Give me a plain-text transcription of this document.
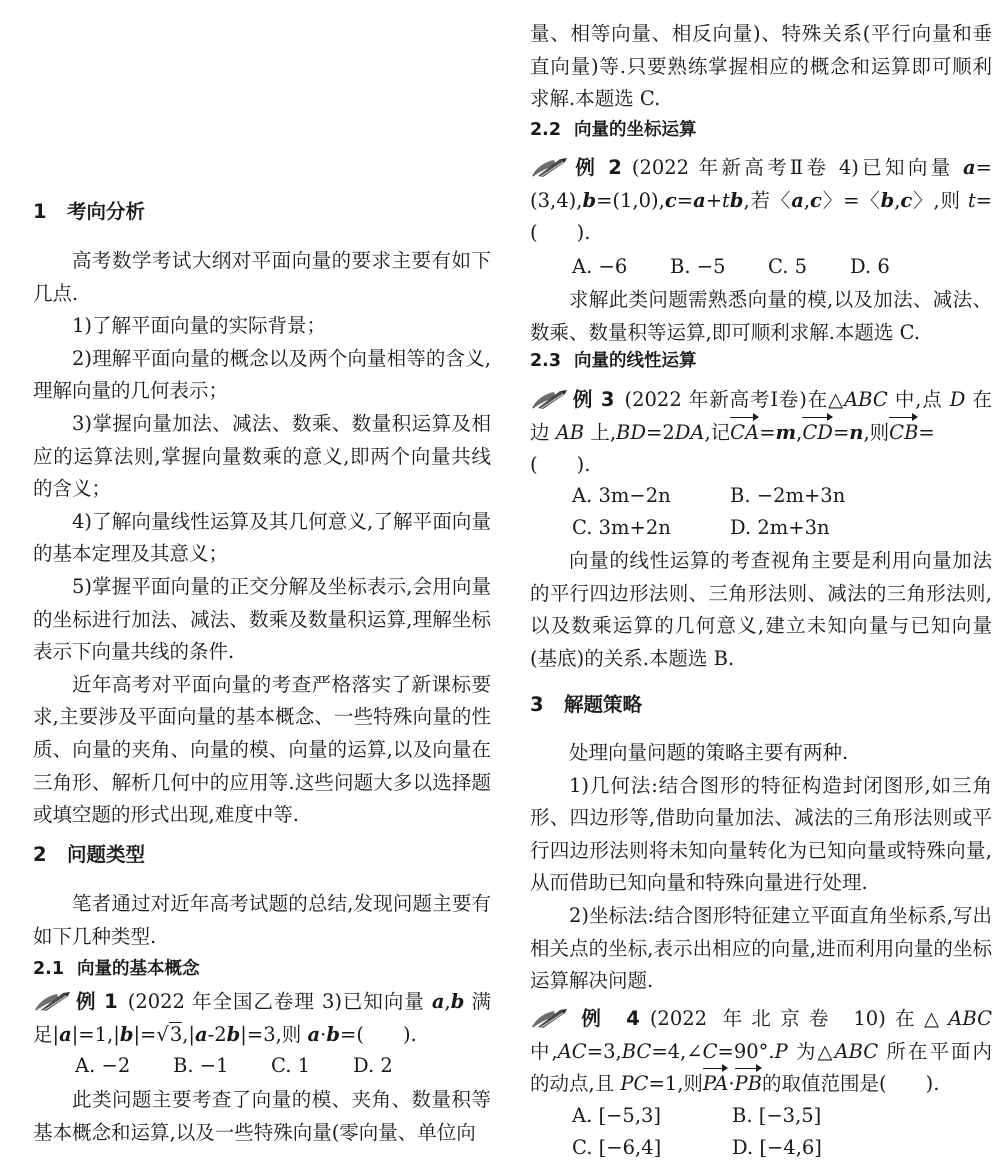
1 考向分析

高考数学考试大纲对平面向量的要求主要有如下几点.

1)了解平面向量的实际背景；

2)理解平面向量的概念以及两个向量相等的含义,理解向量的几何表示；

3)掌握向量加法、减法、数乘、数量积运算及相应的运算法则,掌握向量数乘的意义,即两个向量共线的含义；

4)了解向量线性运算及其几何意义,了解平面向量的基本定理及其意义；

5)掌握平面向量的正交分解及坐标表示,会用向量的坐标进行加法、减法、数乘及数量积运算,理解坐标表示下向量共线的条件.

近年高考对平面向量的考查严格落实了新课标要求,主要涉及平面向量的基本概念、一些特殊向量的性质、向量的夹角、向量的模、向量的运算,以及向量在三角形、解析几何中的应用等.这些问题大多以选择题或填空题的形式出现,难度中等.

2 问题类型

笔者通过对近年高考试题的总结,发现问题主要有如下几种类型.

2.1 向量的基本概念

例 1 (2022 年全国乙卷理 3)已知向量 a,b 满足|a|=1,|b|=√3,|a-2b|=3,则 a·b=(　　).

A. −2 B. −1 C. 1 D. 2

此类问题主要考查了向量的模、夹角、数量积等基本概念和运算,以及一些特殊向量(零向量、单位向

量、相等向量、相反向量)、特殊关系(平行向量和垂直向量)等.只要熟练掌握相应的概念和运算即可顺利求解.本题选 C.

2.2 向量的坐标运算

例 2 (2022 年新高考Ⅱ卷 4)已知向量 a=(3,4),b=(1,0),c=a+tb,若〈a,c〉=〈b,c〉,则 t=(　　).

A. −6 B. −5 C. 5 D. 6

求解此类问题需熟悉向量的模,以及加法、减法、数乘、数量积等运算,即可顺利求解.本题选 C.

2.3 向量的线性运算

例 3 (2022 年新高考Ⅰ卷)在△ABC 中,点 D 在边 AB 上,BD=2DA,记CA=m,CD=n,则CB=
(　　).

A. 3m−2n	B. −2m+3n
C. 3m+2n	D. 2m+3n

向量的线性运算的考查视角主要是利用向量加法的平行四边形法则、三角形法则、减法的三角形法则,以及数乘运算的几何意义,建立未知向量与已知向量(基底)的关系.本题选 B.

3 解题策略

处理向量问题的策略主要有两种.

1)几何法:结合图形的特征构造封闭图形,如三角形、四边形等,借助向量加法、减法的三角形法则或平行四边形法则将未知向量转化为已知向量或特殊向量,从而借助已知向量和特殊向量进行处理.

2)坐标法:结合图形特征建立平面直角坐标系,写出相关点的坐标,表示出相应的向量,进而利用向量的坐标运算解决问题.

例 4 (2022 年北京卷 10)在△ABC 中,AC=3,BC=4,∠C=90°.P 为△ABC 所在平面内的动点,且 PC=1,则PA·PB的取值范围是(　　).

A. [−5,3]	B. [−3,5]
C. [−6,4]	D. [−4,6]
